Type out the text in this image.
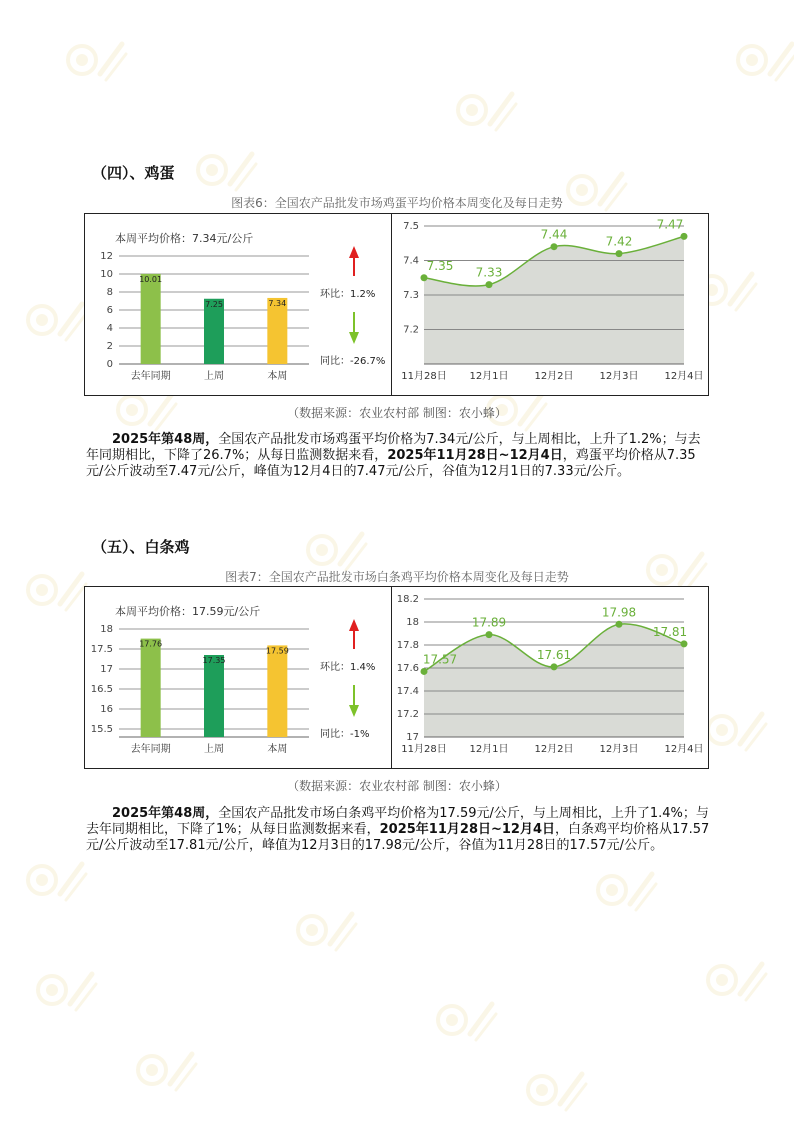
（四）、鸡蛋
图表6：全国农产品批发市场鸡蛋平均价格本周变化及每日走势
本周平均价格：7.34元/公斤
0
2
4
6
8
10
12
10.01
去年同期
7.25
上周
7.34
本周
环比：1.2%
同比：-26.7%
7.2
7.3
7.4
7.5
7.35
11月28日
7.33
12月1日
7.44
12月2日
7.42
12月3日
7.47
12月4日
（数据来源：农业农村部 制图：农小蜂）
2025年第48周，全国农产品批发市场鸡蛋平均价格为7.34元/公斤，与上周相比，上升了1.2%；与去年同期相比，下降了26.7%；从每日监测数据来看，2025年11月28日~12月4日，鸡蛋平均价格从7.35元/公斤波动至7.47元/公斤，峰值为12月4日的7.47元/公斤，谷值为12月1日的7.33元/公斤。
（五）、白条鸡
图表7：全国农产品批发市场白条鸡平均价格本周变化及每日走势
本周平均价格：17.59元/公斤
15.5
16
16.5
17
17.5
18
17.76
去年同期
17.35
上周
17.59
本周
环比：1.4%
同比：-1%	17
17.2
17.4
17.6
17.8
18
18.2
17.57
11月28日
17.89
12月1日
17.61
12月2日
17.98
12月3日
17.81
12月4日
（数据来源：农业农村部 制图：农小蜂）
2025年第48周，全国农产品批发市场白条鸡平均价格为17.59元/公斤，与上周相比，上升了1.4%；与去年同期相比，下降了1%；从每日监测数据来看，2025年11月28日~12月4日，白条鸡平均价格从17.57元/公斤波动至17.81元/公斤，峰值为12月3日的17.98元/公斤，谷值为11月28日的17.57元/公斤。
